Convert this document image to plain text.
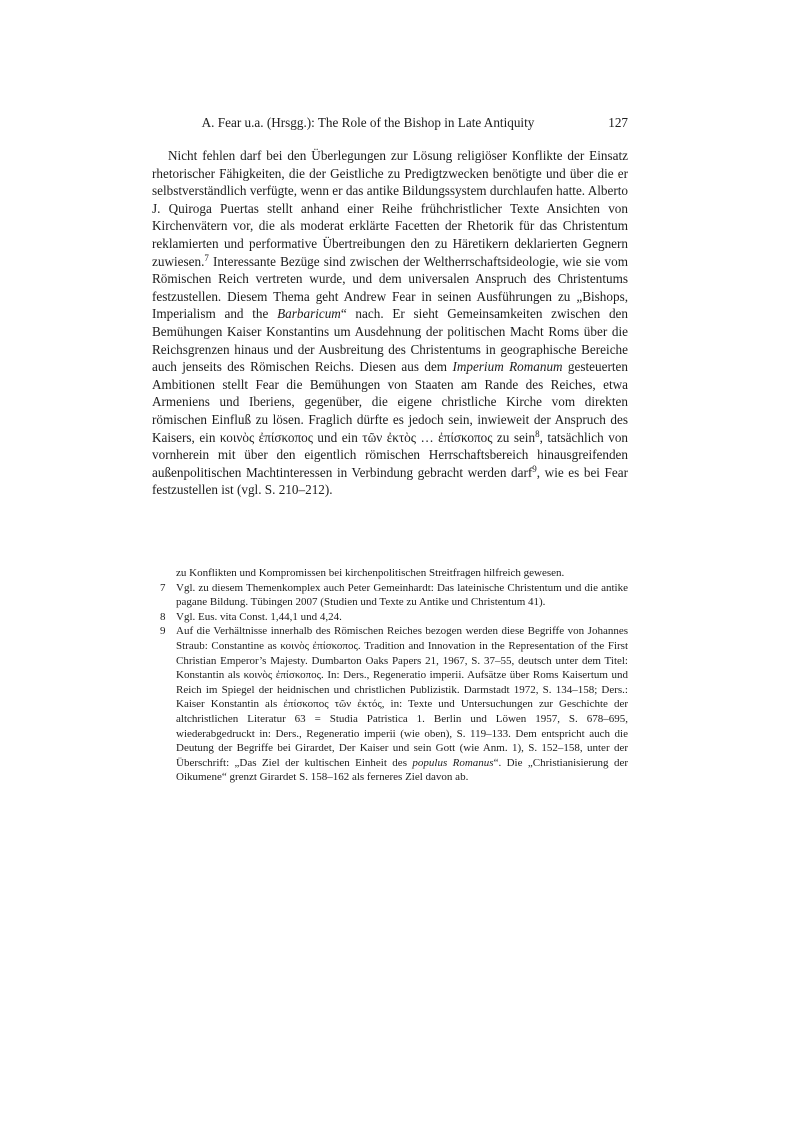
A. Fear u.a. (Hrsgg.): The Role of the Bishop in Late Antiquity	127

Nicht fehlen darf bei den Überlegungen zur Lösung religiöser Konflikte der Einsatz rhetorischer Fähigkeiten, die der Geistliche zu Predigtzwecken benötigte und über die er selbstverständlich verfügte, wenn er das antike Bildungssystem durchlaufen hatte. Alberto J. Quiroga Puertas stellt anhand einer Reihe frühchristlicher Texte Ansichten von Kirchenvätern vor, die als moderat erklärte Facetten der Rhetorik für das Christentum reklamierten und performative Übertreibungen den zu Häretikern deklarierten Gegnern zuwiesen.$^7$ Interessante Bezüge sind zwischen der Weltherrschaftsideologie, wie sie vom Römischen Reich vertreten wurde, und dem universalen Anspruch des Christentums festzustellen. Diesem Thema geht Andrew Fear in seinen Ausführungen zu „Bishops, Imperialism and the Barbaricum“ nach. Er sieht Gemeinsamkeiten zwischen den Bemühungen Kaiser Konstantins um Ausdehnung der politischen Macht Roms über die Reichsgrenzen hinaus und der Ausbreitung des Christentums in geographische Bereiche auch jenseits des Römischen Reichs. Diesen aus dem Imperium Romanum gesteuerten Ambitionen stellt Fear die Bemühungen von Staaten am Rande des Reiches, etwa Armeniens und Iberiens, gegenüber, die eigene christliche Kirche vom direkten römischen Einfluß zu lösen. Fraglich dürfte es jedoch sein, inwieweit der Anspruch des Kaisers, ein κοινὸς ἐπίσκοπος und ein τῶν ἐκτὸς … ἐπίσκοπος zu sein$^8$, tatsächlich von vornherein mit über den eigentlich römischen Herrschaftsbereich hinausgreifenden außenpolitischen Machtinteressen in Verbindung gebracht werden darf$^9$, wie es bei Fear festzustellen ist (vgl. S. 210–212).

zu Konflikten und Kompromissen bei kirchenpolitischen Streitfragen hilfreich gewesen.
7 Vgl. zu diesem Themenkomplex auch Peter Gemeinhardt: Das lateinische Christentum und die antike pagane Bildung. Tübingen 2007 (Studien und Texte zu Antike und Christentum 41).
8 Vgl. Eus. vita Const. 1,44,1 und 4,24.
9 Auf die Verhältnisse innerhalb des Römischen Reiches bezogen werden diese Begriffe von Johannes Straub: Constantine as κοινὸς ἐπίσκοπος. Tradition and Innovation in the Representation of the First Christian Emperor’s Majesty. Dumbarton Oaks Papers 21, 1967, S. 37–55, deutsch unter dem Titel: Konstantin als κοινὸς ἐπίσκοπος. In: Ders., Regeneratio imperii. Aufsätze über Roms Kaisertum und Reich im Spiegel der heidnischen und christlichen Publizistik. Darmstadt 1972, S. 134–158; Ders.: Kaiser Konstantin als ἐπίσκοπος τῶν ἐκτός, in: Texte und Untersuchungen zur Geschichte der altchristlichen Literatur 63 = Studia Patristica 1. Berlin und Löwen 1957, S. 678–695, wiederabgedruckt in: Ders., Regeneratio imperii (wie oben), S. 119–133. Dem entspricht auch die Deutung der Begriffe bei Girardet, Der Kaiser und sein Gott (wie Anm. 1), S. 152–158, unter der Überschrift: „Das Ziel der kultischen Einheit des populus Romanus“. Die „Christianisierung der Oikumene“ grenzt Girardet S. 158–162 als ferneres Ziel davon ab.
